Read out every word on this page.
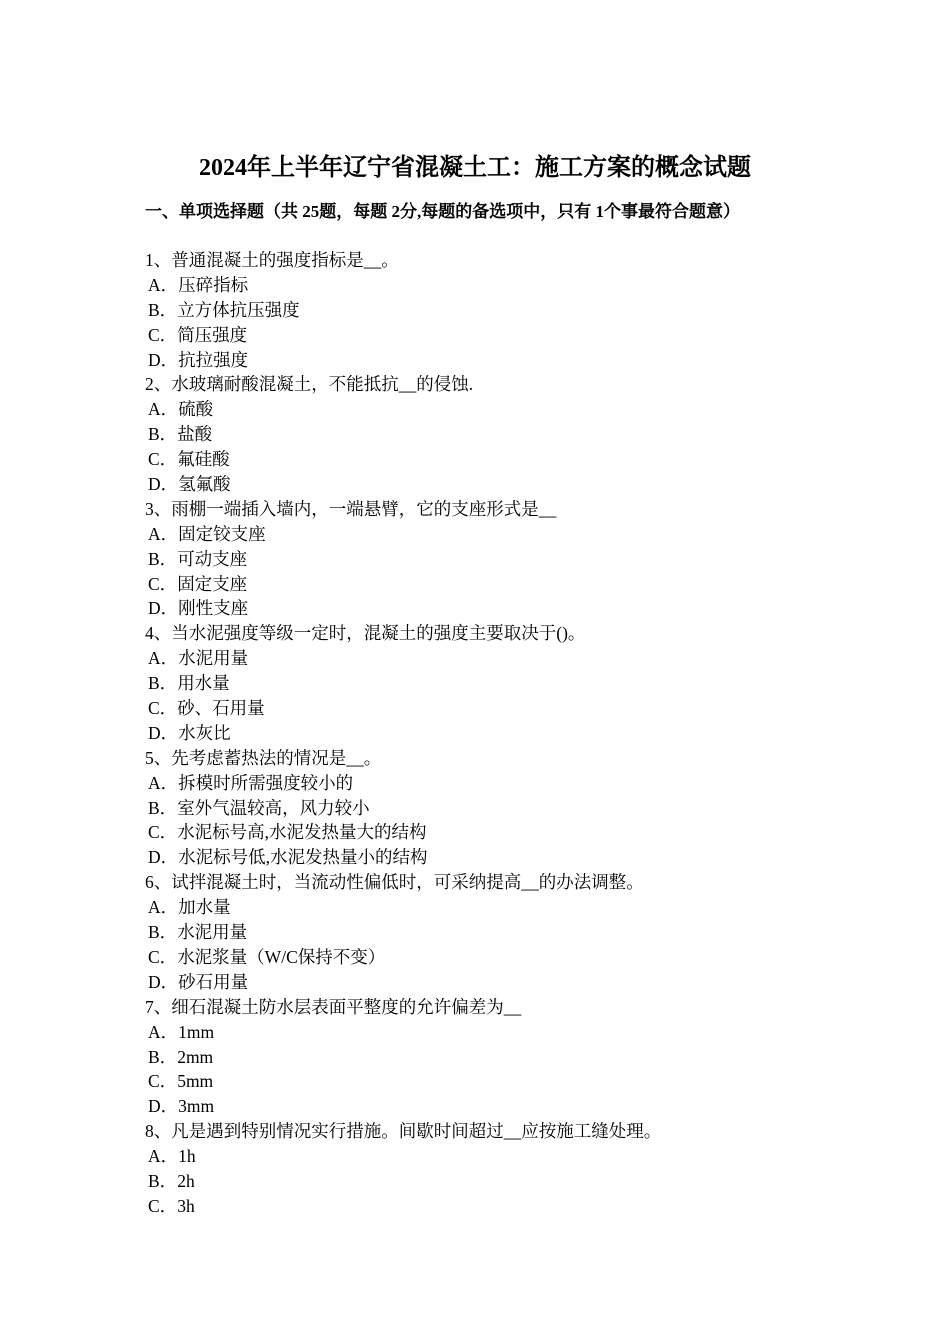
2024年上半年辽宁省混凝土工：施工方案的概念试题
一、单项选择题（共 25题，每题 2分,每题的备选项中，只有 1个事最符合题意）
1、普通混凝土的强度指标是__。
A．压碎指标
B．立方体抗压强度
C．简压强度
D．抗拉强度
2、水玻璃耐酸混凝土，不能抵抗__的侵蚀.
A．硫酸
B．盐酸
C．氟硅酸
D．氢氟酸
3、雨棚一端插入墙内，一端悬臂，它的支座形式是__
A．固定铰支座
B．可动支座
C．固定支座
D．刚性支座
4、当水泥强度等级一定时，混凝土的强度主要取决于()。
A．水泥用量
B．用水量
C．砂、石用量
D．水灰比
5、先考虑蓄热法的情况是__。
A．拆模时所需强度较小的
B．室外气温较高，风力较小
C．水泥标号高,水泥发热量大的结构
D．水泥标号低,水泥发热量小的结构
6、试拌混凝土时，当流动性偏低时，可采纳提高__的办法调整。
A．加水量
B．水泥用量
C．水泥浆量（W/C保持不变）
D．砂石用量
7、细石混凝土防水层表面平整度的允许偏差为__
A．1mm
B．2mm
C．5mm
D．3mm
8、凡是遇到特别情况实行措施。间歇时间超过__应按施工缝处理。
A．1h
B．2h
C．3h
